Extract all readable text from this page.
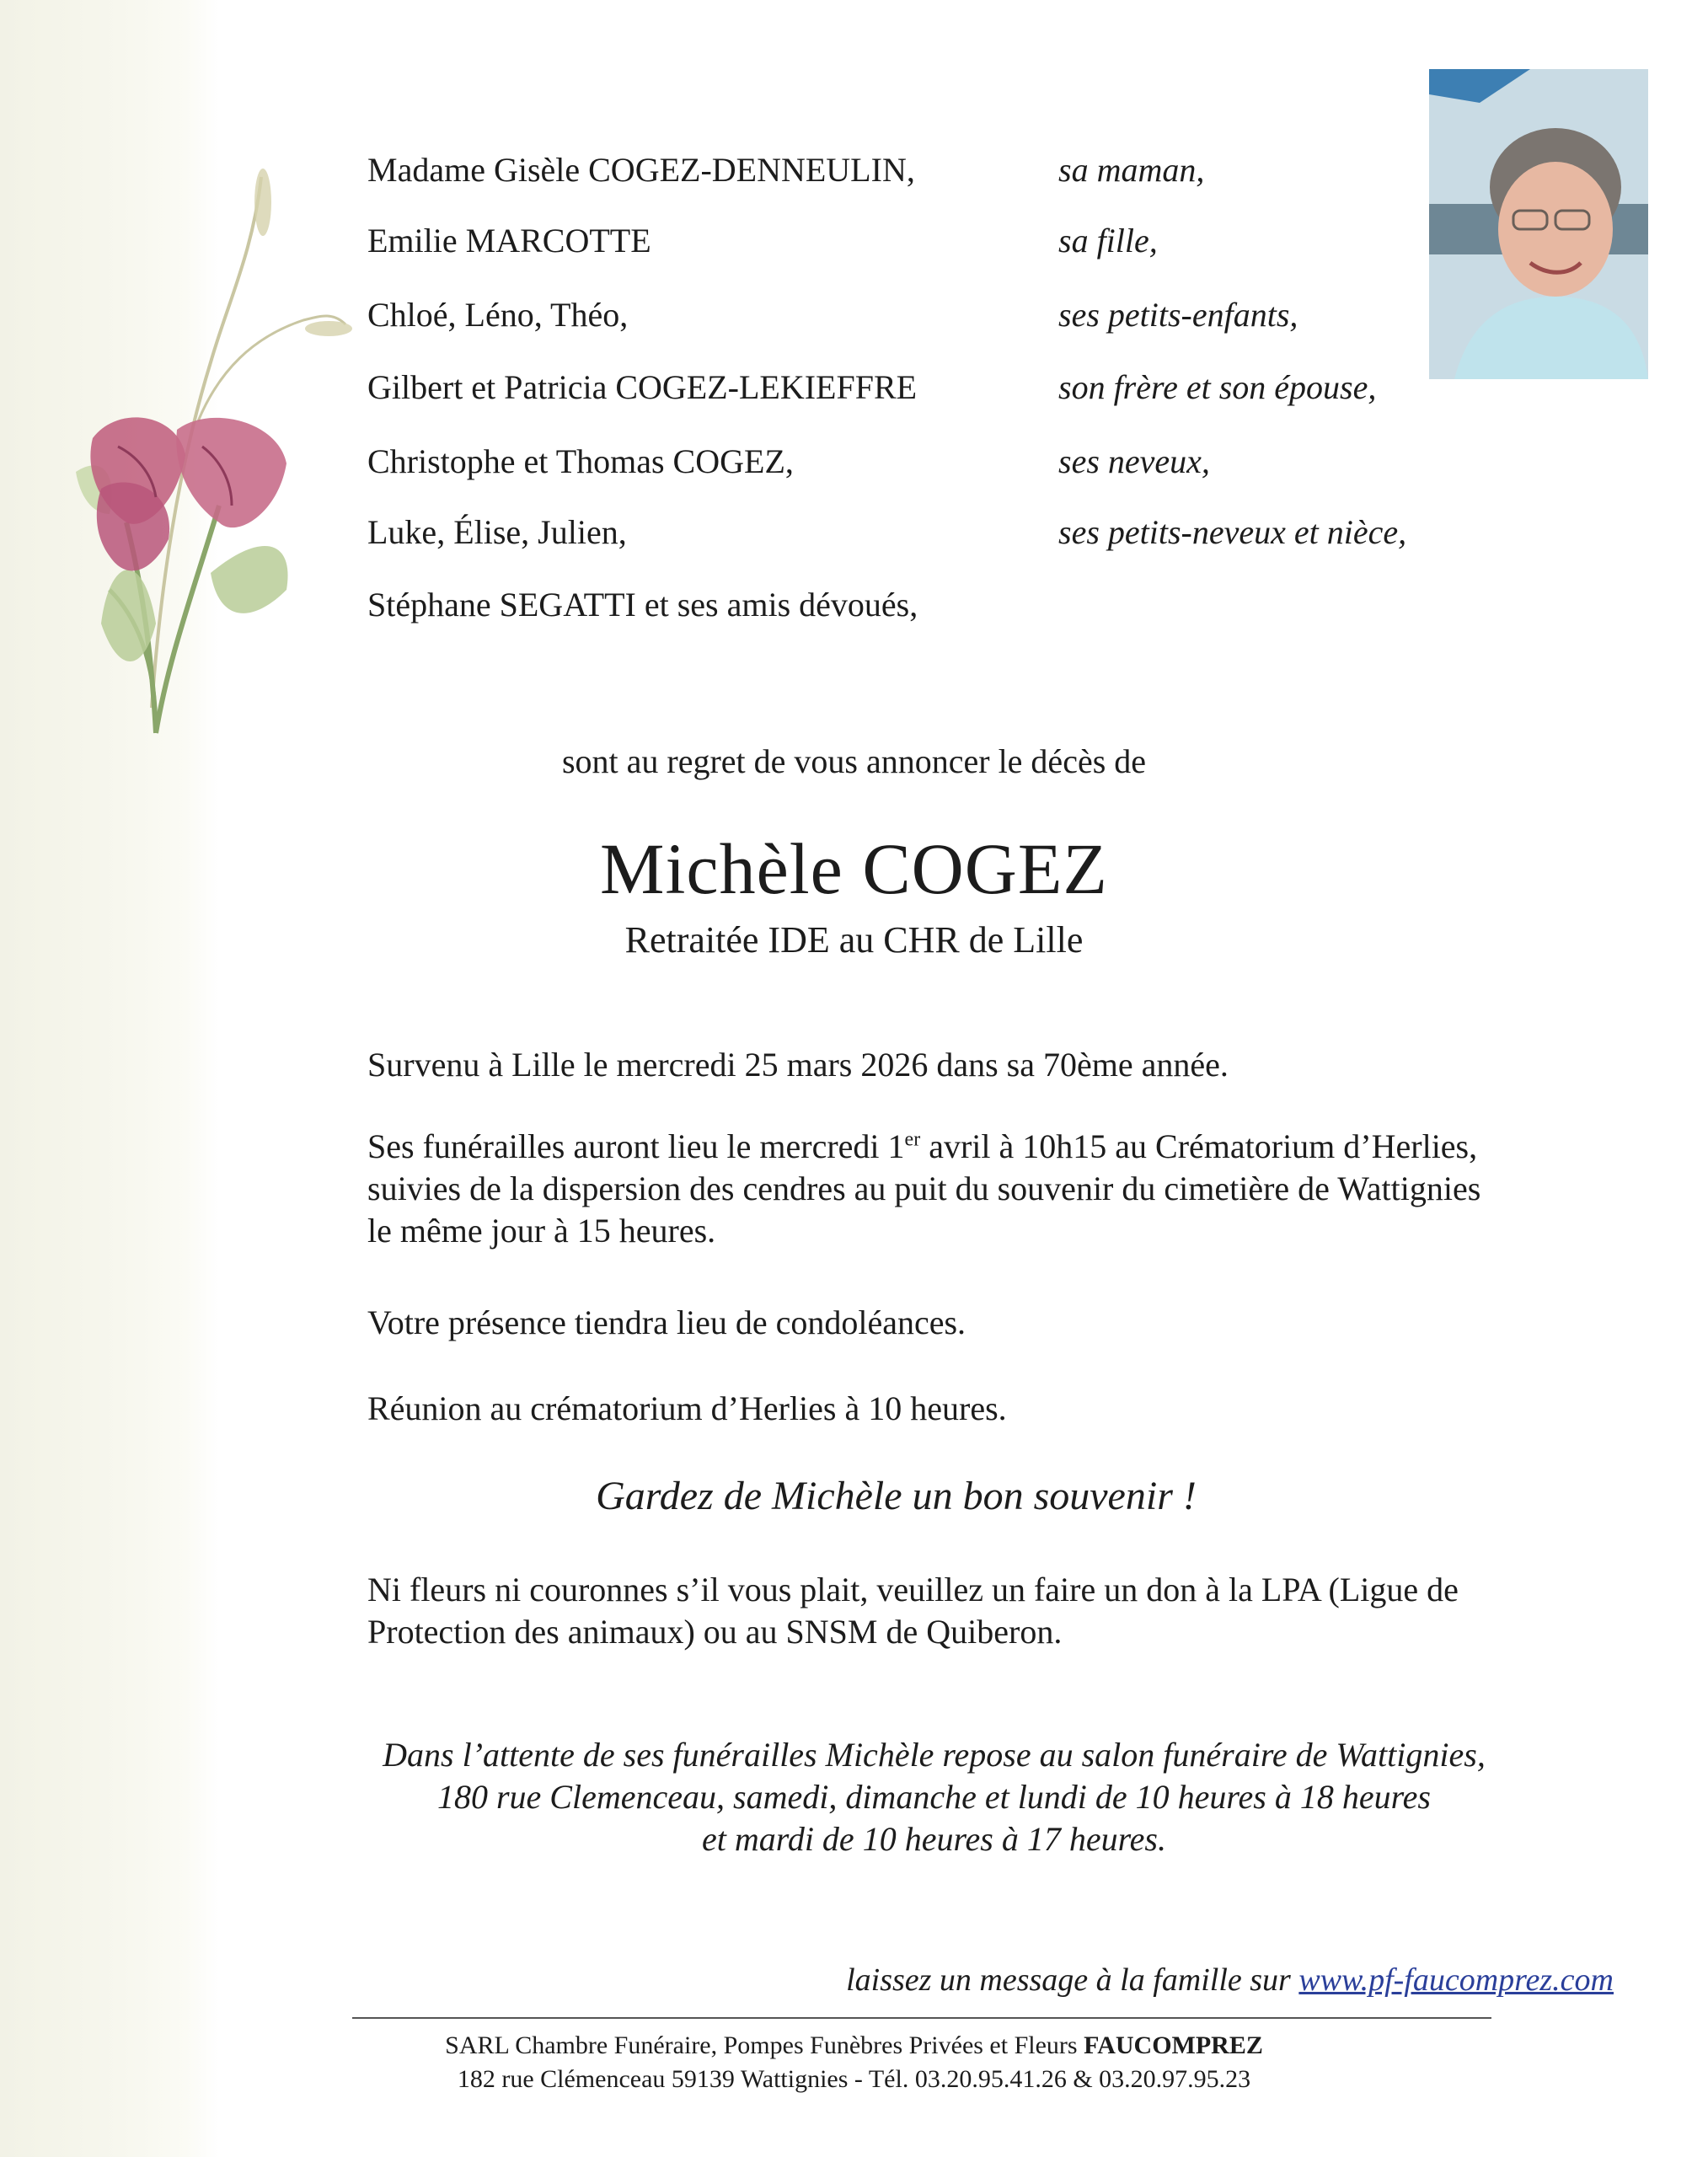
Madame Gisèle COGEZ-DENNEULIN,	sa maman,
Emilie MARCOTTE	sa fille,
Chloé, Léno, Théo,	ses petits-enfants,
Gilbert et Patricia COGEZ-LEKIEFFRE	son frère et son épouse,
Christophe et Thomas COGEZ,	ses neveux,
Luke, Élise, Julien,	ses petits-neveux et nièce,
Stéphane SEGATTI et ses amis dévoués,
sont au regret de vous annoncer le décès de
Michèle COGEZ
Retraitée IDE au CHR de Lille
Survenu à Lille le mercredi 25 mars 2026 dans sa 70ème année.
Ses funérailles auront lieu le mercredi 1er avril à 10h15 au Crématorium d’Herlies,
suivies de la dispersion des cendres au puit du souvenir du cimetière de Wattignies
le même jour à 15 heures.
Votre présence tiendra lieu de condoléances.
Réunion au crématorium d’Herlies à 10 heures.
Gardez de Michèle un bon souvenir !
Ni fleurs ni couronnes s’il vous plait, veuillez un faire un don à la LPA (Ligue de
Protection des animaux) ou au SNSM de Quiberon.
Dans l’attente de ses funérailles Michèle repose au salon funéraire de Wattignies,
180 rue Clemenceau, samedi, dimanche et lundi de 10 heures à 18 heures
et mardi de 10 heures à 17 heures.
laissez un message à la famille sur www.pf-faucomprez.com
SARL Chambre Funéraire, Pompes Funèbres Privées et Fleurs FAUCOMPREZ
182 rue Clémenceau 59139 Wattignies - Tél. 03.20.95.41.26 & 03.20.97.95.23
